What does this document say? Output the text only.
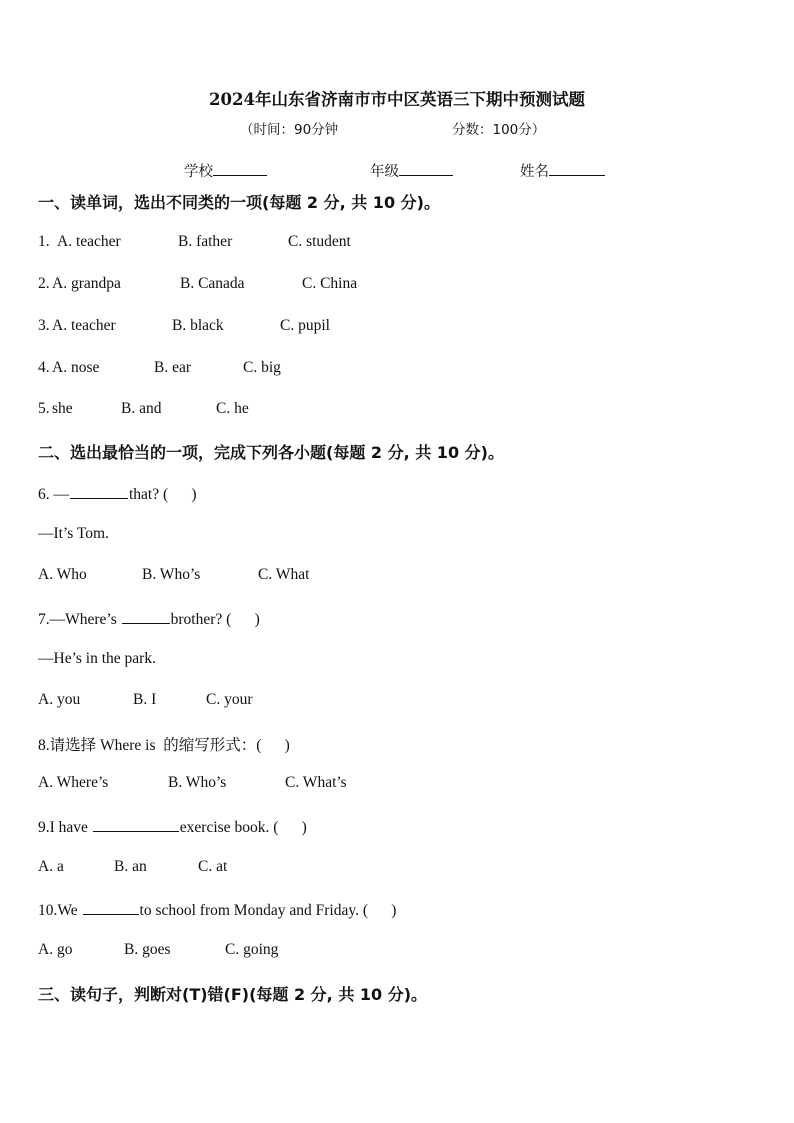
2024年山东省济南市市中区英语三下期中预测试题
（时间：90分钟	分数：100分）
学校	年级	姓名
一、读单词，选出不同类的一项(每题 2 分, 共 10 分)。
1. A. teacher	B. father	C. student
2. A. grandpa	B. Canada	C. China
3. A. teacher	B. black	C. pupil
4. A. nose	B. ear	C. big
5. she	B. and	C. he
二、选出最恰当的一项，完成下列各小题(每题 2 分, 共 10 分)。
6. —	that? (      )
—It’s Tom.
A. Who	B. Who’s	C. What
7.—Where’s	brother? (      )
—He’s in the park.
A. you	B. I	C. your
8.请选择 Where is  的缩写形式：(      )
A. Where’s	B. Who’s	C. What’s
9.I have	exercise book. (      )
A. a	B. an	C. at
10.We	to school from Monday and Friday. (      )
A. go	B. goes	C. going
三、读句子，判断对(T)错(F)(每题 2 分, 共 10 分)。
